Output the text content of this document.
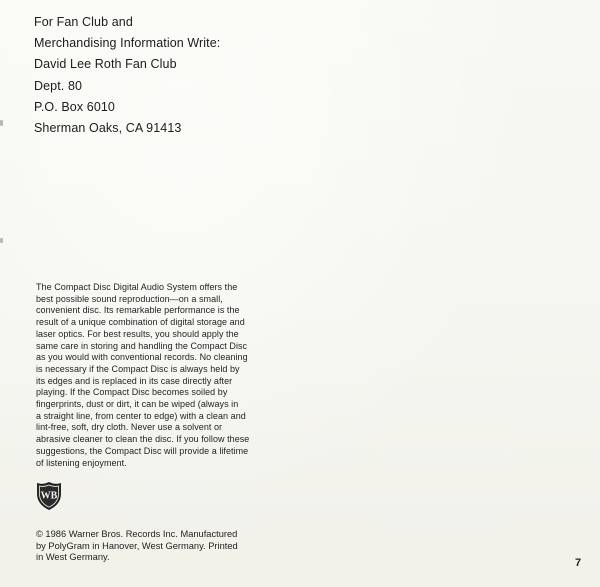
For Fan Club and
Merchandising Information Write:
David Lee Roth Fan Club
Dept. 80
P.O. Box 6010
Sherman Oaks, CA 91413
The Compact Disc Digital Audio System offers the
best possible sound reproduction—on a small,
convenient disc. Its remarkable performance is the
result of a unique combination of digital storage and
laser optics. For best results, you should apply the
same care in storing and handling the Compact Disc
as you would with conventional records. No cleaning
is necessary if the Compact Disc is always held by
its edges and is replaced in its case directly after
playing. If the Compact Disc becomes soiled by
fingerprints, dust or dirt, it can be wiped (always in
a straight line, from center to edge) with a clean and
lint-free, soft, dry cloth. Never use a solvent or
abrasive cleaner to clean the disc. If you follow these
suggestions, the Compact Disc will provide a lifetime
of listening enjoyment.
WB
© 1986 Warner Bros. Records Inc. Manufactured
by PolyGram in Hanover, West Germany. Printed
in West Germany.	7
